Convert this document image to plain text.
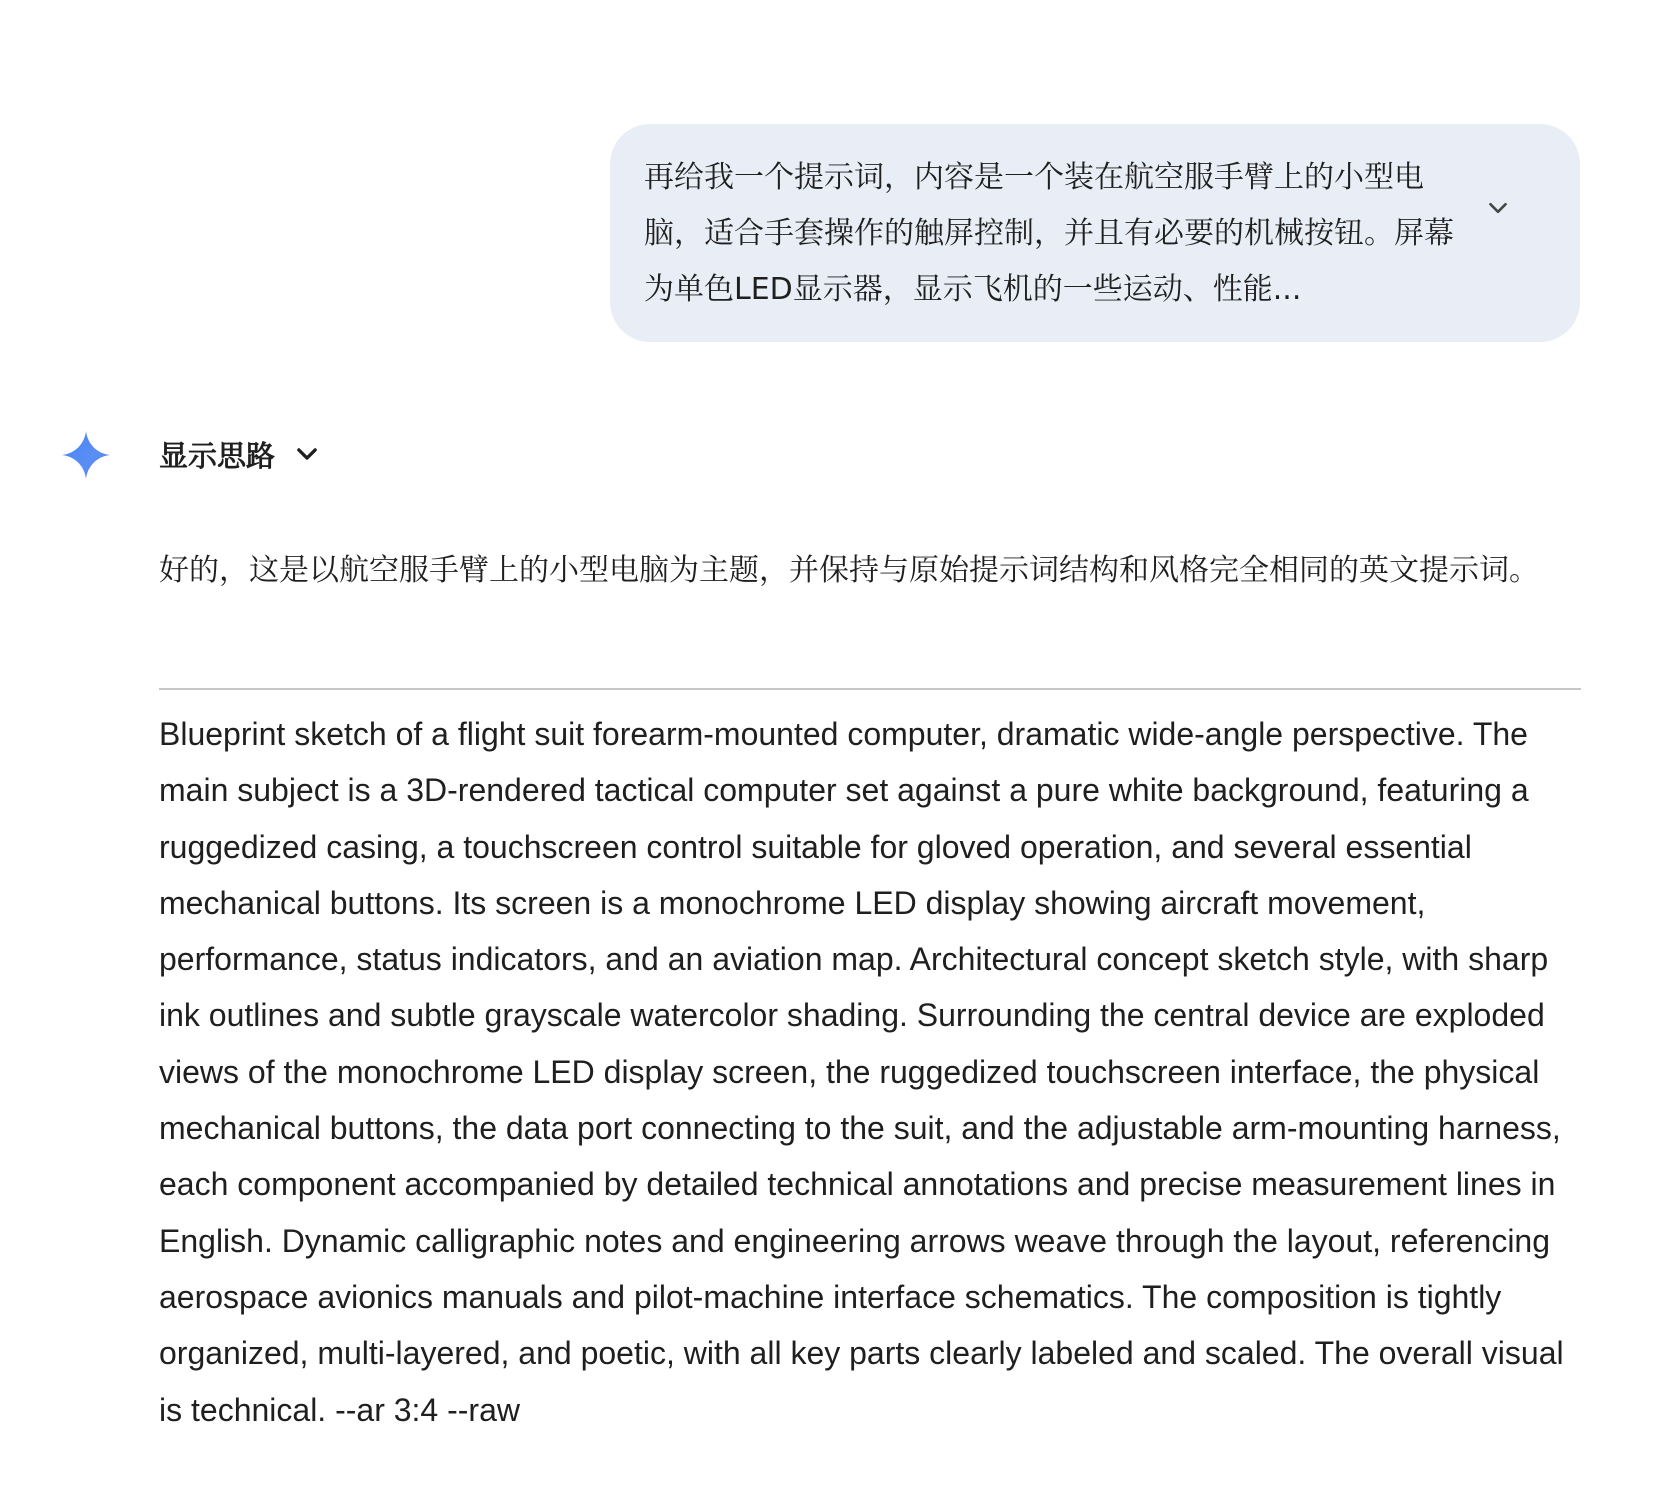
再给我一个提示词，内容是一个装在航空服手臂上的小型电脑，适合手套操作的触屏控制，并且有必要的机械按钮。屏幕为单色LED显示器，显示飞机的一些运动、性能...

显示思路

好的，这是以航空服手臂上的小型电脑为主题，并保持与原始提示词结构和风格完全相同的英文提示词。

Blueprint sketch of a flight suit forearm-mounted computer, dramatic wide-angle perspective. The main subject is a 3D-rendered tactical computer set against a pure white background, featuring a ruggedized casing, a touchscreen control suitable for gloved operation, and several essential mechanical buttons. Its screen is a monochrome LED display showing aircraft movement, performance, status indicators, and an aviation map. Architectural concept sketch style, with sharp ink outlines and subtle grayscale watercolor shading. Surrounding the central device are exploded views of the monochrome LED display screen, the ruggedized touchscreen interface, the physical mechanical buttons, the data port connecting to the suit, and the adjustable arm-mounting harness, each component accompanied by detailed technical annotations and precise measurement lines in English. Dynamic calligraphic notes and engineering arrows weave through the layout, referencing aerospace avionics manuals and pilot-machine interface schematics. The composition is tightly organized, multi-layered, and poetic, with all key parts clearly labeled and scaled. The overall visual is technical. --ar 3:4 --raw
